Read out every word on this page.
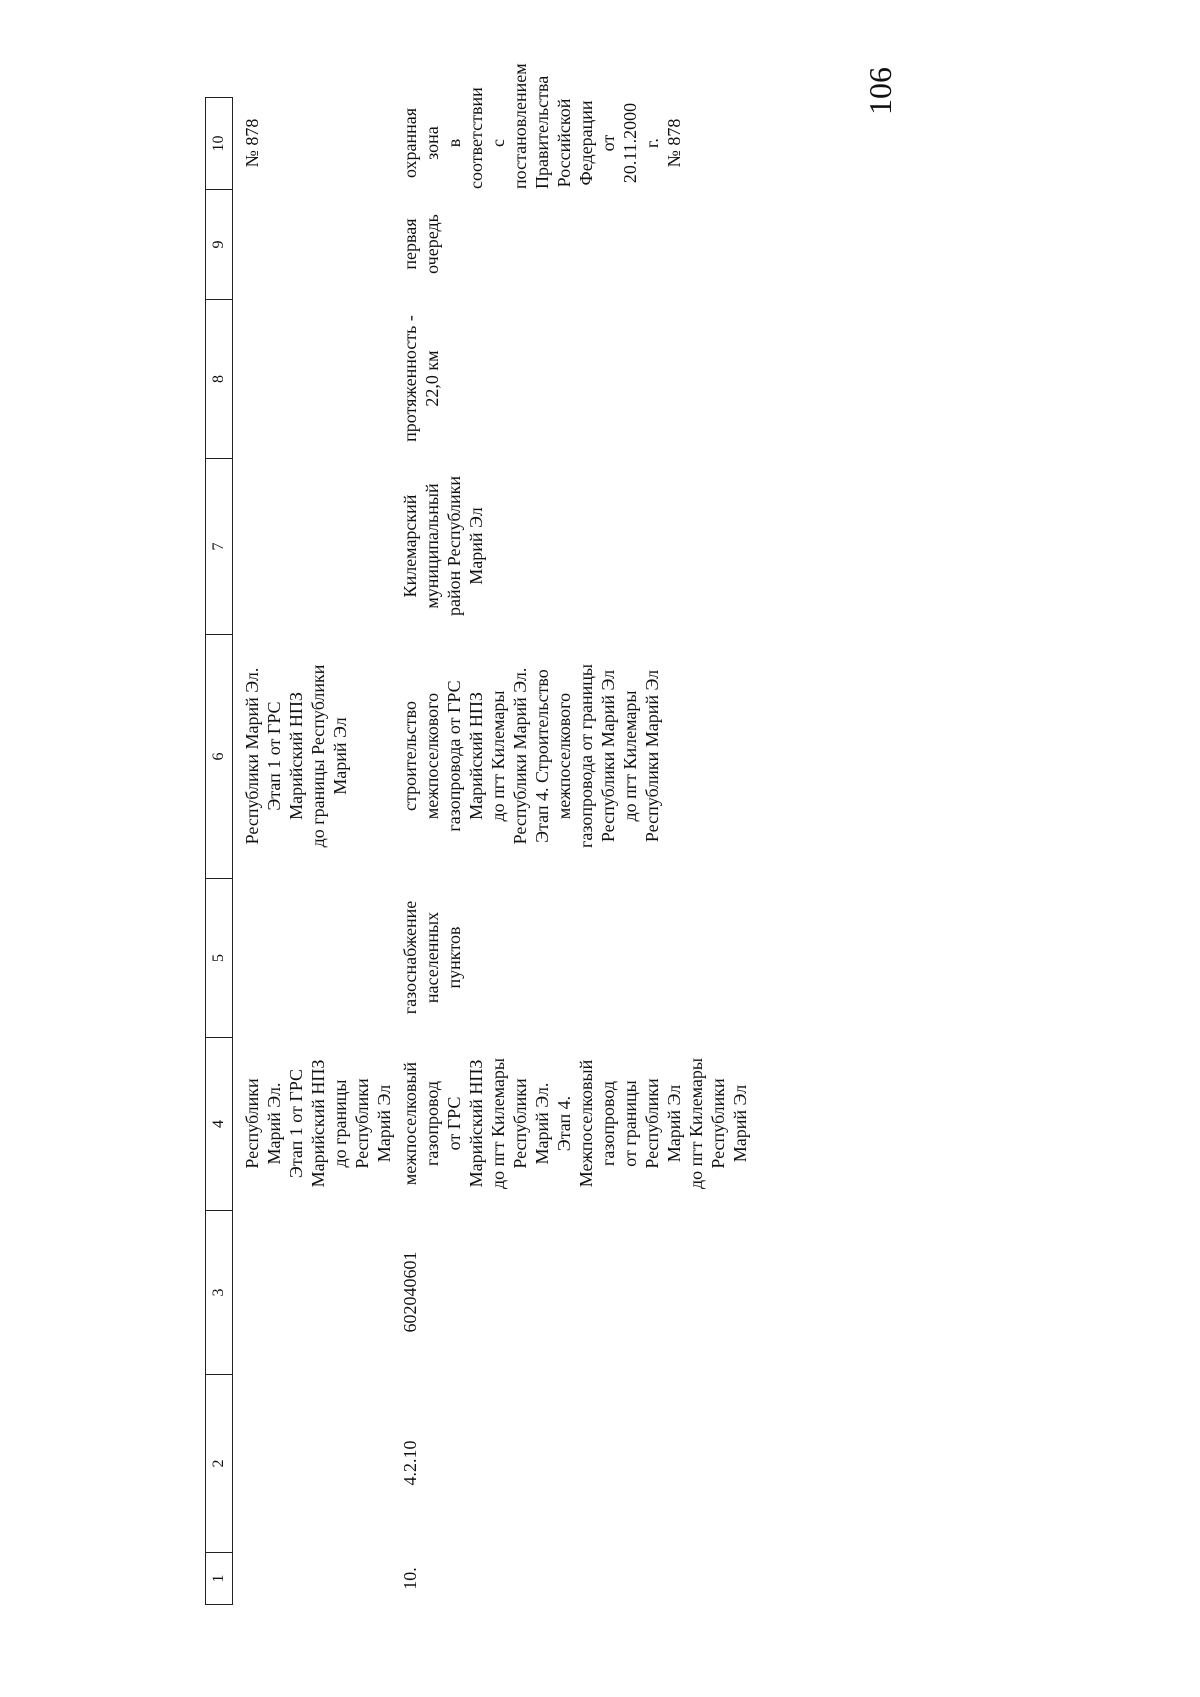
106
1
2
3
4
5
6
7
8
9
10
Республики
Марий Эл.
Этап 1 от ГРС
Марийский НПЗ
до границы
Республики
Марий Эл
Республики Марий Эл.
Этап 1 от ГРС
Марийский НПЗ
до границы Республики
Марий Эл
№ 878
10.
4.2.10
602040601
межпоселковый
газопровод
от ГРС
Марийский НПЗ
до пгт Килемары
Республики
Марий Эл.
Этап 4.
Межпоселковый
газопровод
от границы
Республики
Марий Эл
до пгт Килемары
Республики
Марий Эл
газоснабжение
населенных
пунктов
строительство
межпоселкового
газопровода от ГРС
Марийский НПЗ
до пгт Килемары
Республики Марий Эл.
Этап 4. Строительство
межпоселкового
газопровода от границы
Республики Марий Эл
до пгт Килемары
Республики Марий Эл
Килемарский
муниципальный
район Республики
Марий Эл
протяженность -
22,0 км
первая
очередь
охранная зона
в соответствии
с постановлением
Правительства
Российской
Федерации
от 20.11.2000 г.
№ 878
